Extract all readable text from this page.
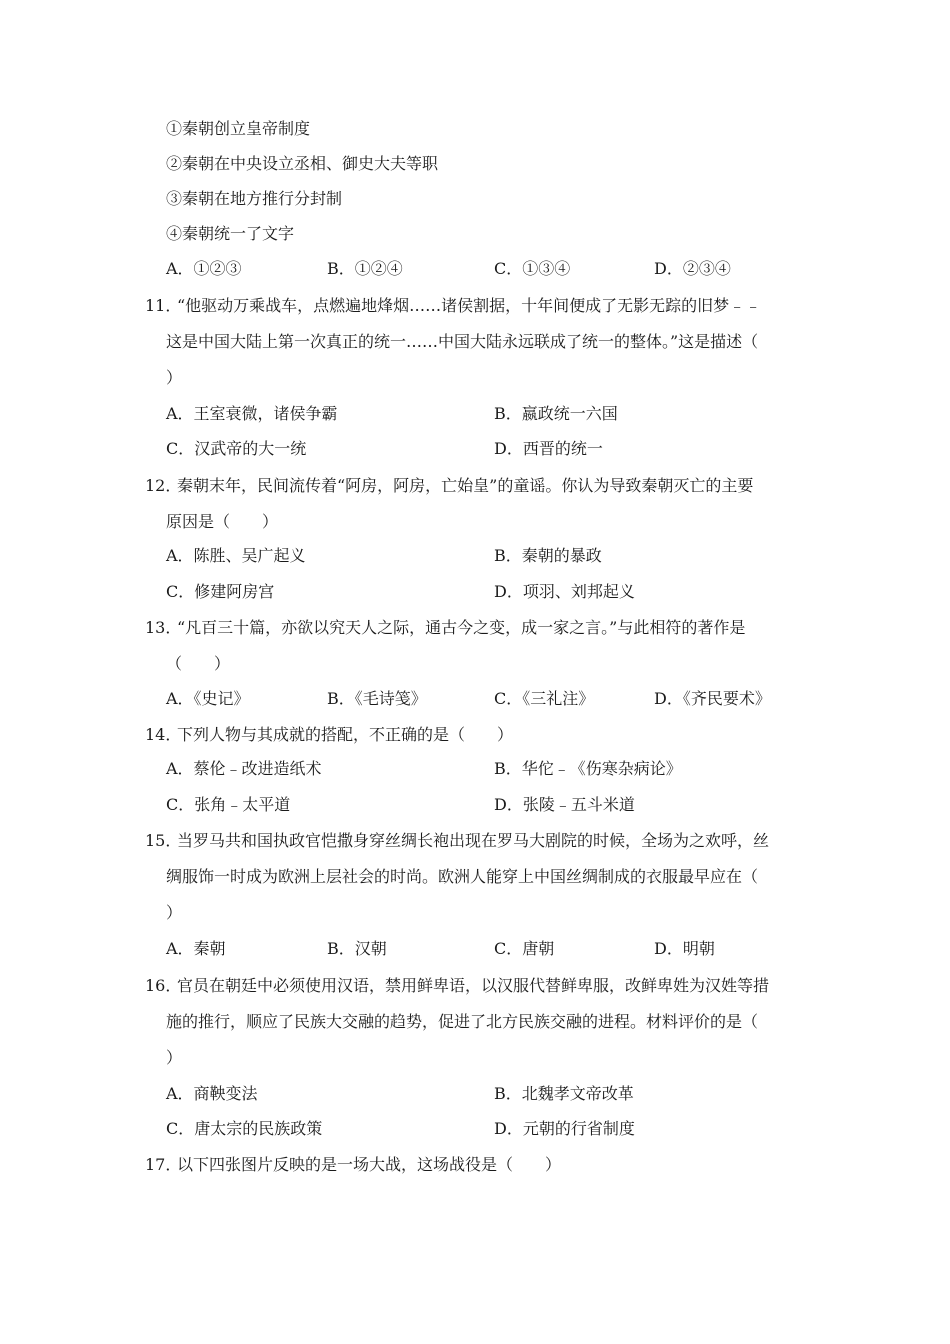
①秦朝创立皇帝制度
②秦朝在中央设立丞相、御史大夫等职
③秦朝在地方推行分封制
④秦朝统一了文字
A．①②③	B．①②④	C．①③④	D．②③④
11．
“他驱动万乘战车，点燃遍地烽烟……诸侯割据，十年间便成了无影无踪的旧梦﹣﹣
这是中国大陆上第一次真正的统一……中国大陆永远联成了统一的整体。”这是描述（
）
A．王室衰微，诸侯争霸	B．嬴政统一六国
C．汉武帝的大一统	D．西晋的统一
12．
秦朝末年，民间流传着“阿房，阿房，亡始皇”的童谣。你认为导致秦朝灭亡的主要
原因是（　　）
A．陈胜、吴广起义	B．秦朝的暴政
C．修建阿房宫	D．项羽、刘邦起义
13．
“凡百三十篇，亦欲以究天人之际，通古今之变，成一家之言。”与此相符的著作是
（　　）
A．《史记》	B．《毛诗笺》	C．《三礼注》	D．《齐民要术》
14．
下列人物与其成就的搭配，不正确的是（　　）
A．蔡伦﹣改进造纸术	B．华佗﹣《伤寒杂病论》
C．张角﹣太平道	D．张陵﹣五斗米道
15．
当罗马共和国执政官恺撒身穿丝绸长袍出现在罗马大剧院的时候，全场为之欢呼，丝
绸服饰一时成为欧洲上层社会的时尚。欧洲人能穿上中国丝绸制成的衣服最早应在（
）
A．秦朝	B．汉朝	C．唐朝	D．明朝
16．
官员在朝廷中必须使用汉语，禁用鲜卑语，以汉服代替鲜卑服，改鲜卑姓为汉姓等措
施的推行，顺应了民族大交融的趋势，促进了北方民族交融的进程。材料评价的是（
）
A．商鞅变法	B．北魏孝文帝改革
C．唐太宗的民族政策	D．元朝的行省制度
17．
以下四张图片反映的是一场大战，这场战役是（　　）
